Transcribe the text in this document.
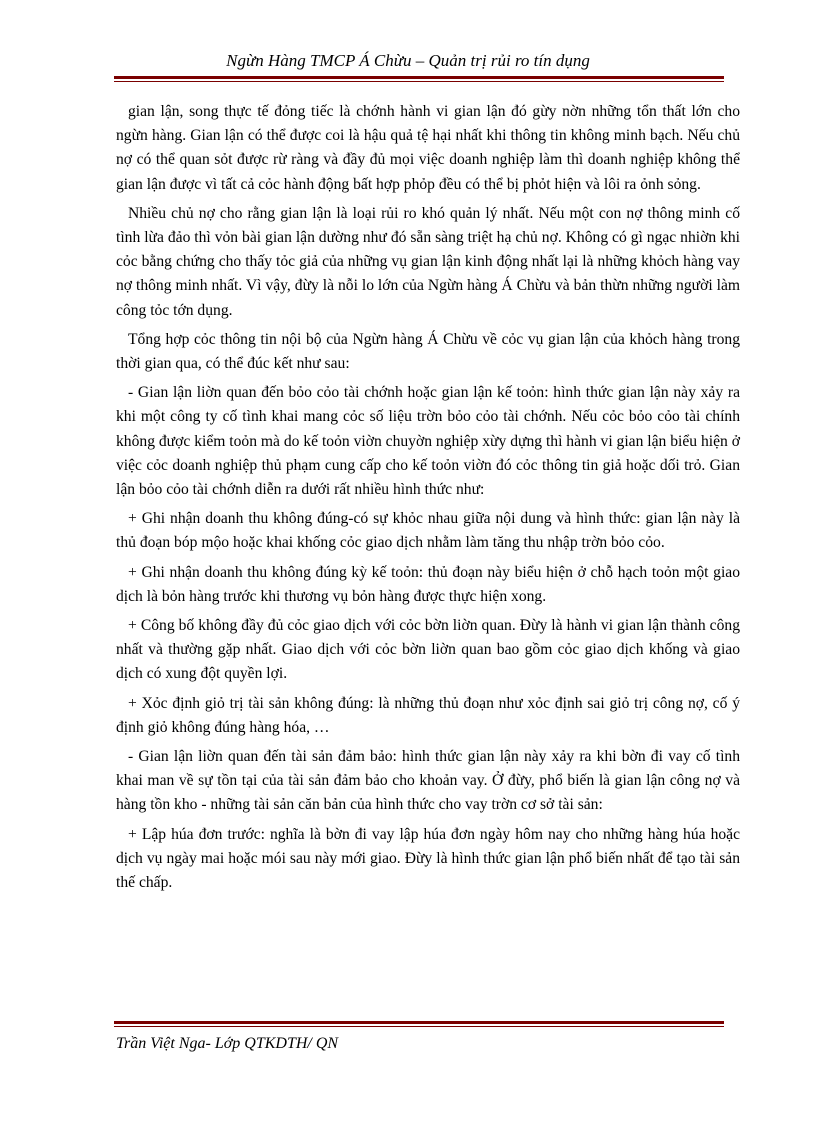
Ngừn Hàng TMCP Á Chừu – Quản trị rủi ro tín dụng

gian lận, song thực tế đỏng tiếc là chớnh hành vi gian lận đó gừy nờn những tổn thất lớn cho ngừn hàng. Gian lận có thể được coi là hậu quả tệ hại nhất khi thông tin không minh bạch. Nếu chủ nợ có thể quan sỏt được rừ ràng và đầy đủ mọi việc doanh nghiệp làm thì doanh nghiệp không thể gian lận được vì tất cả cỏc hành động bất hợp phỏp đều có thể bị phỏt hiện và lôi ra ỏnh sỏng.

Nhiều chủ nợ cho rằng gian lận là loại rủi ro khó quản lý nhất. Nếu một con nợ thông minh cố tình lừa đảo thì vỏn bài gian lận dường như đó sẵn sàng triệt hạ chủ nợ. Không có gì ngạc nhiờn khi cỏc bằng chứng cho thấy tỏc giả của những vụ gian lận kinh động nhất lại là những khỏch hàng vay nợ thông minh nhất. Vì vậy, đừy là nỗi lo lớn của Ngừn hàng Á Chừu và bản thừn những người làm công tỏc tớn dụng.

Tổng hợp cỏc thông tin nội bộ của Ngừn hàng Á Chừu về cỏc vụ gian lận của khỏch hàng trong thời gian qua, có thể đúc kết như sau:

- Gian lận liờn quan đến bỏo cỏo tài chớnh hoặc gian lận kế toỏn: hình thức gian lận này xảy ra khi một công ty cố tình khai mang cỏc số liệu trờn bỏo cỏo tài chớnh. Nếu cỏc bỏo cỏo tài chính không được kiểm toỏn mà do kế toỏn viờn chuyờn nghiệp xừy dựng thì hành vi gian lận biểu hiện ở việc cỏc doanh nghiệp thủ phạm cung cấp cho kế toỏn viờn đó cỏc thông tin giả hoặc dối trỏ. Gian lận bỏo cỏo tài chớnh diễn ra dưới rất nhiều hình thức như:

+ Ghi nhận doanh thu không đúng-có sự khỏc nhau giữa nội dung và hình thức: gian lận này là thủ đoạn bóp mộo hoặc khai khống cỏc giao dịch nhằm làm tăng thu nhập trờn bỏo cỏo.

+ Ghi nhận doanh thu không đúng kỳ kế toỏn: thủ đoạn này biểu hiện ở chỗ hạch toỏn một giao dịch là bỏn hàng trước khi thương vụ bỏn hàng được thực hiện xong.

+ Công bố không đầy đủ cỏc giao dịch với cỏc bờn liờn quan. Đừy là hành vi gian lận thành công nhất và thường gặp nhất. Giao dịch với cỏc bờn liờn quan bao gồm cỏc giao dịch khống và giao dịch có xung đột quyền lợi.

+ Xỏc định giỏ trị tài sản không đúng: là những thủ đoạn như xỏc định sai giỏ trị công nợ, cố ý định giỏ không đúng hàng hóa, …

- Gian lận liờn quan đến tài sản đảm bảo: hình thức gian lận này xảy ra khi bờn đi vay cố tình khai man về sự tồn tại của tài sản đảm bảo cho khoản vay. Ở đừy, phổ biến là gian lận công nợ và hàng tồn kho - những tài sản căn bản của hình thức cho vay trờn cơ sở tài sản:

+ Lập húa đơn trước: nghĩa là bờn đi vay lập húa đơn ngày hôm nay cho những hàng húa hoặc dịch vụ ngày mai hoặc mói sau này mới giao. Đừy là hình thức gian lận phổ biến nhất để tạo tài sản thế chấp.

Trần Việt Nga- Lớp QTKDTH/ QN
